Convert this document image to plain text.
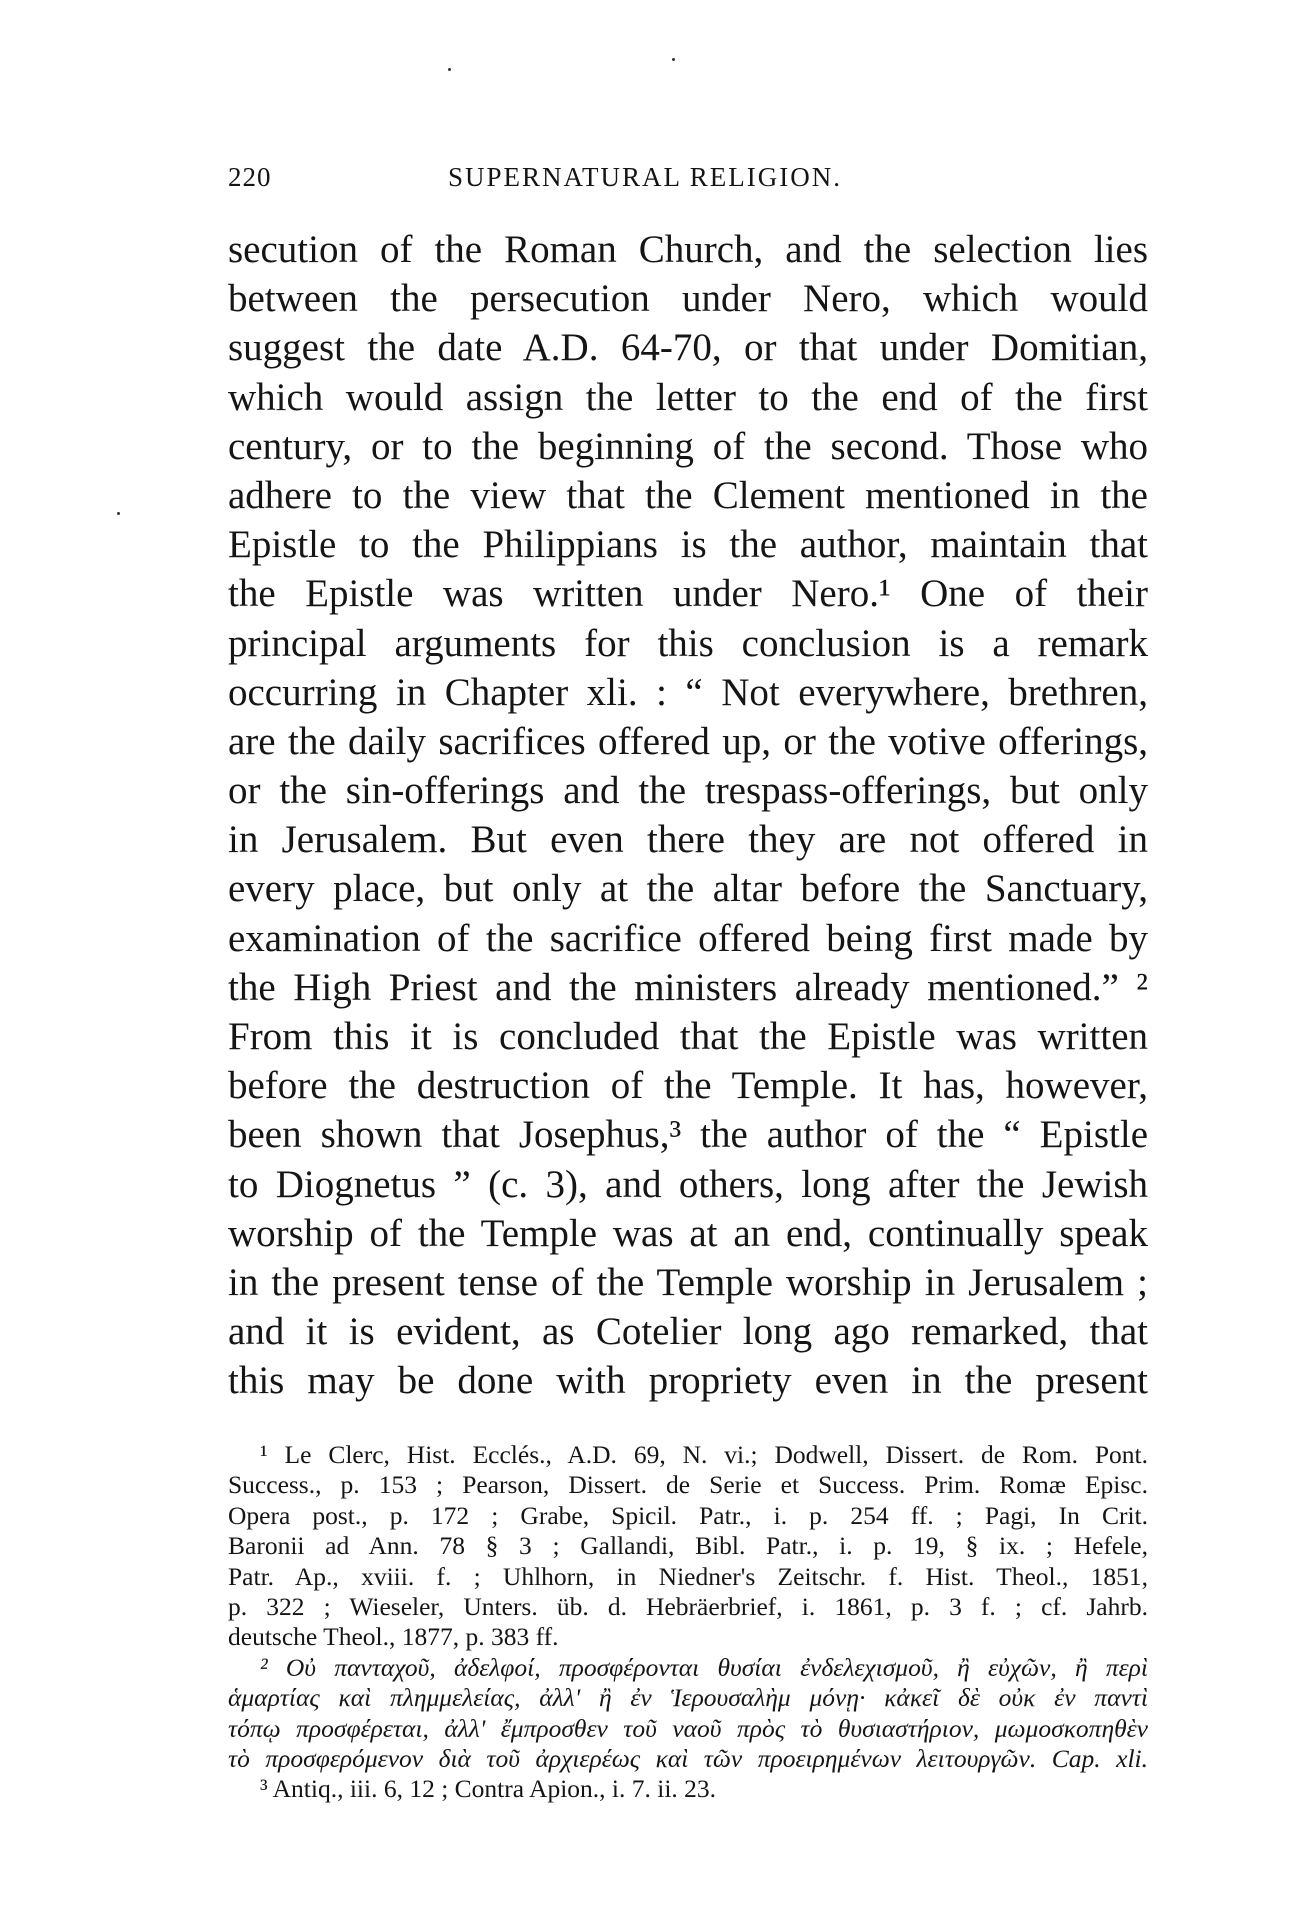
220	SUPERNATURAL RELIGION.
secution of the Roman Church, and the selection lies
between the persecution under Nero, which would
suggest the date A.D. 64-70, or that under Domitian,
which would assign the letter to the end of the first
century, or to the beginning of the second. Those who
adhere to the view that the Clement mentioned in the
Epistle to the Philippians is the author, maintain that
the Epistle was written under Nero.¹ One of their
principal arguments for this conclusion is a remark
occurring in Chapter xli. : “ Not everywhere, brethren,
are the daily sacrifices offered up, or the votive offerings,
or the sin-offerings and the trespass-offerings, but only
in Jerusalem. But even there they are not offered in
every place, but only at the altar before the Sanctuary,
examination of the sacrifice offered being first made by
the High Priest and the ministers already mentioned.” ²
From this it is concluded that the Epistle was written
before the destruction of the Temple. It has, however,
been shown that Josephus,³ the author of the “ Epistle
to Diognetus ” (c. 3), and others, long after the Jewish
worship of the Temple was at an end, continually speak
in the present tense of the Temple worship in Jerusalem ;
and it is evident, as Cotelier long ago remarked, that
this may be done with propriety even in the present
¹ Le Clerc, Hist. Ecclés., A.D. 69, N. vi.; Dodwell, Dissert. de Rom. Pont.
Success., p. 153 ; Pearson, Dissert. de Serie et Success. Prim. Romæ Episc.
Opera post., p. 172 ; Grabe, Spicil. Patr., i. p. 254 ff. ; Pagi, In Crit.
Baronii ad Ann. 78 § 3 ; Gallandi, Bibl. Patr., i. p. 19, § ix. ; Hefele,
Patr. Ap., xviii. f. ; Uhlhorn, in Niedner's Zeitschr. f. Hist. Theol., 1851,
p. 322 ; Wieseler, Unters. üb. d. Hebräerbrief, i. 1861, p. 3 f. ; cf. Jahrb.
deutsche Theol., 1877, p. 383 ff.
² Οὐ πανταχοῦ, ἀδελφοί, προσφέρονται θυσίαι ἐνδελεχισμοῦ, ἢ εὐχῶν, ἢ περὶ
ἁμαρτίας καὶ πλημμελείας, ἀλλ' ἢ ἐν Ἱερουσαλὴμ μόνῃ· κἀκεῖ δὲ οὐκ ἐν παντὶ
τόπῳ προσφέρεται, ἀλλ' ἔμπροσθεν τοῦ ναοῦ πρὸς τὸ θυσιαστήριον, μωμοσκοπηθὲν
τὸ προσφερόμενον διὰ τοῦ ἀρχιερέως καὶ τῶν προειρημένων λειτουργῶν. Cap. xli.
³ Antiq., iii. 6, 12 ; Contra Apion., i. 7. ii. 23.
